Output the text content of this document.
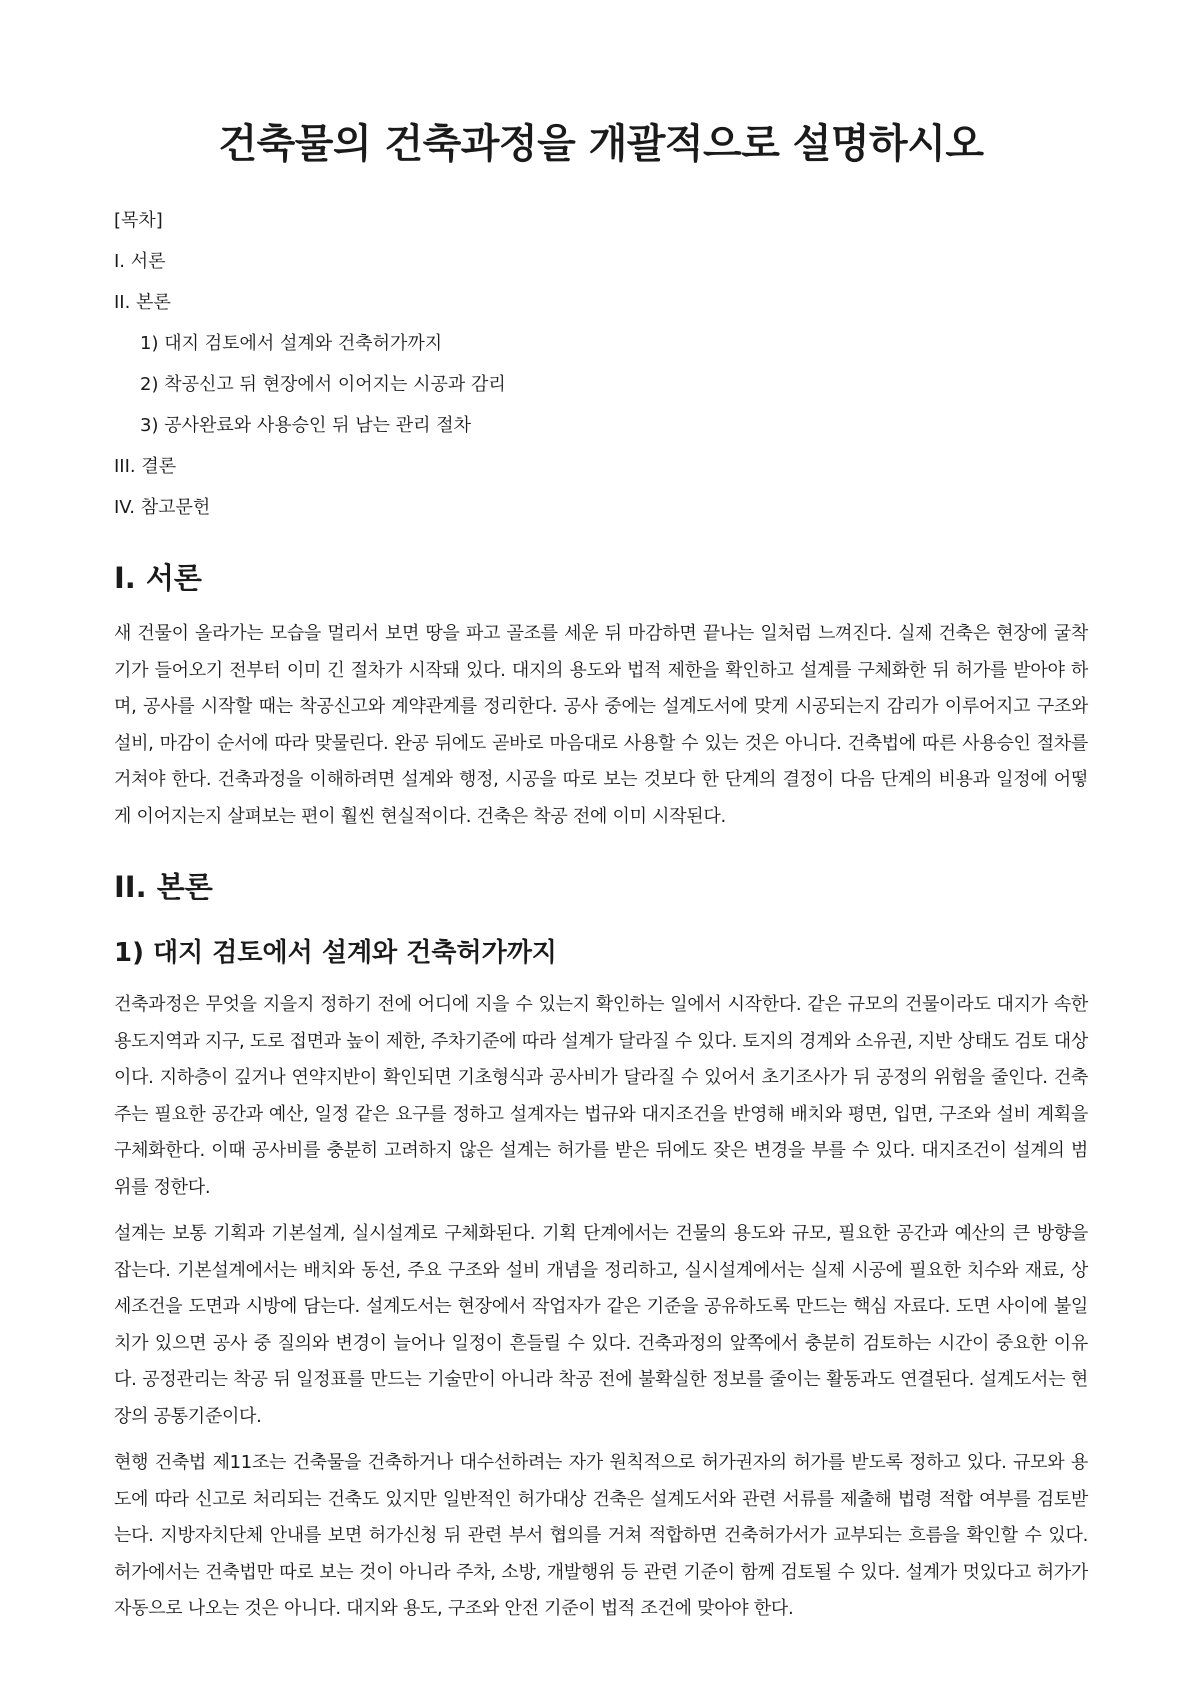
건축물의 건축과정을 개괄적으로 설명하시오
[목차]
I. 서론
II. 본론
1) 대지 검토에서 설계와 건축허가까지
2) 착공신고 뒤 현장에서 이어지는 시공과 감리
3) 공사완료와 사용승인 뒤 남는 관리 절차
III. 결론
IV. 참고문헌
I. 서론

새 건물이 올라가는 모습을 멀리서 보면 땅을 파고 골조를 세운 뒤 마감하면 끝나는 일처럼 느껴진다. 실제 건축은 현장에 굴착기가 들어오기 전부터 이미 긴 절차가 시작돼 있다. 대지의 용도와 법적 제한을 확인하고 설계를 구체화한 뒤 허가를 받아야 하며, 공사를 시작할 때는 착공신고와 계약관계를 정리한다. 공사 중에는 설계도서에 맞게 시공되는지 감리가 이루어지고 구조와 설비, 마감이 순서에 따라 맞물린다. 완공 뒤에도 곧바로 마음대로 사용할 수 있는 것은 아니다. 건축법에 따른 사용승인 절차를 거쳐야 한다. 건축과정을 이해하려면 설계와 행정, 시공을 따로 보는 것보다 한 단계의 결정이 다음 단계의 비용과 일정에 어떻게 이어지는지 살펴보는 편이 훨씬 현실적이다. 건축은 착공 전에 이미 시작된다.

II. 본론
1) 대지 검토에서 설계와 건축허가까지

건축과정은 무엇을 지을지 정하기 전에 어디에 지을 수 있는지 확인하는 일에서 시작한다. 같은 규모의 건물이라도 대지가 속한 용도지역과 지구, 도로 접면과 높이 제한, 주차기준에 따라 설계가 달라질 수 있다. 토지의 경계와 소유권, 지반 상태도 검토 대상이다. 지하층이 깊거나 연약지반이 확인되면 기초형식과 공사비가 달라질 수 있어서 초기조사가 뒤 공정의 위험을 줄인다. 건축주는 필요한 공간과 예산, 일정 같은 요구를 정하고 설계자는 법규와 대지조건을 반영해 배치와 평면, 입면, 구조와 설비 계획을 구체화한다. 이때 공사비를 충분히 고려하지 않은 설계는 허가를 받은 뒤에도 잦은 변경을 부를 수 있다. 대지조건이 설계의 범위를 정한다.

설계는 보통 기획과 기본설계, 실시설계로 구체화된다. 기획 단계에서는 건물의 용도와 규모, 필요한 공간과 예산의 큰 방향을 잡는다. 기본설계에서는 배치와 동선, 주요 구조와 설비 개념을 정리하고, 실시설계에서는 실제 시공에 필요한 치수와 재료, 상세조건을 도면과 시방에 담는다. 설계도서는 현장에서 작업자가 같은 기준을 공유하도록 만드는 핵심 자료다. 도면 사이에 불일치가 있으면 공사 중 질의와 변경이 늘어나 일정이 흔들릴 수 있다. 건축과정의 앞쪽에서 충분히 검토하는 시간이 중요한 이유다. 공정관리는 착공 뒤 일정표를 만드는 기술만이 아니라 착공 전에 불확실한 정보를 줄이는 활동과도 연결된다. 설계도서는 현장의 공통기준이다.

현행 건축법 제11조는 건축물을 건축하거나 대수선하려는 자가 원칙적으로 허가권자의 허가를 받도록 정하고 있다. 규모와 용도에 따라 신고로 처리되는 건축도 있지만 일반적인 허가대상 건축은 설계도서와 관련 서류를 제출해 법령 적합 여부를 검토받는다. 지방자치단체 안내를 보면 허가신청 뒤 관련 부서 협의를 거쳐 적합하면 건축허가서가 교부되는 흐름을 확인할 수 있다. 허가에서는 건축법만 따로 보는 것이 아니라 주차, 소방, 개발행위 등 관련 기준이 함께 검토될 수 있다. 설계가 멋있다고 허가가 자동으로 나오는 것은 아니다. 대지와 용도, 구조와 안전 기준이 법적 조건에 맞아야 한다.
